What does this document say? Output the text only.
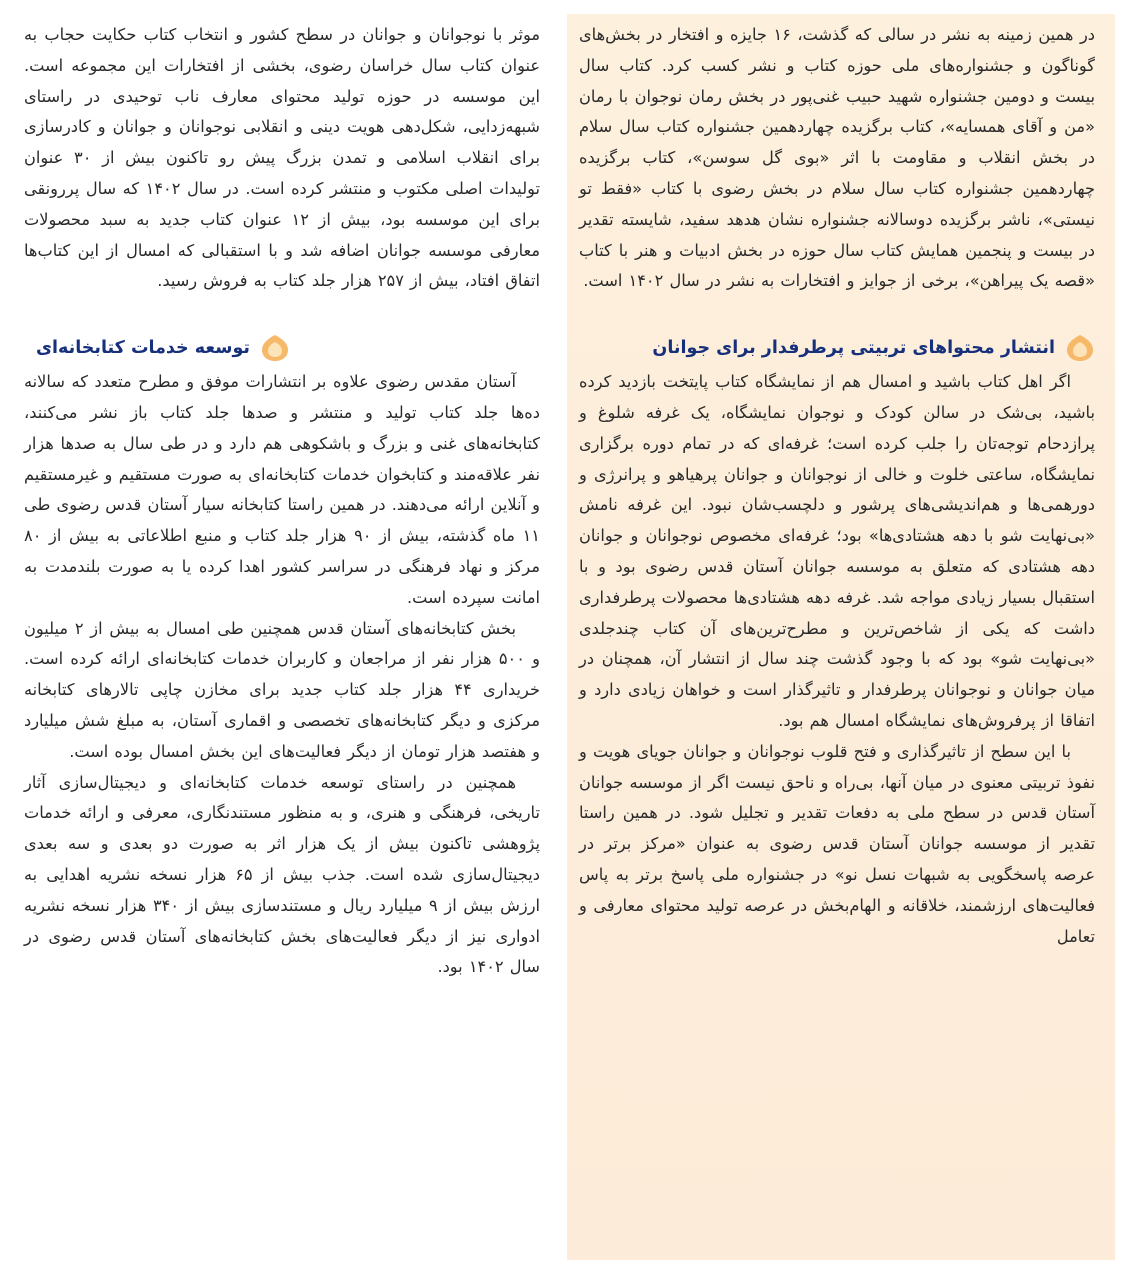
در همین زمینه به نشر در سالی که گذشت، ۱۶ جایزه و افتخار در بخش‌های گوناگون و جشنواره‌های ملی حوزه کتاب و نشر کسب کرد. کتاب سال بیست و دومین جشنواره شهید حبیب غنی‌پور در بخش رمان نوجوان با رمان «من و آقای همسایه»، کتاب برگزیده چهاردهمین جشنواره کتاب سال سلام در بخش انقلاب و مقاومت با اثر «بوی گل سوسن»، کتاب برگزیده چهاردهمین جشنواره کتاب سال سلام در بخش رضوی با کتاب «فقط تو نیستی»، ناشر برگزیده دوسالانه جشنواره نشان هدهد سفید، شایسته تقدیر در بیست و پنجمین همایش کتاب سال حوزه در بخش ادبیات و هنر با کتاب «قصه یک پیراهن»، برخی از جوایز و افتخارات به نشر در سال ۱۴۰۲ است.

انتشار محتواهای تربیتی پرطرفدار برای جوانان

اگر اهل کتاب باشید و امسال هم از نمایشگاه کتاب پایتخت بازدید کرده باشید، بی‌شک در سالن کودک و نوجوان نمایشگاه، یک غرفه شلوغ و پرازدحام توجه‌تان را جلب کرده است؛ غرفه‌ای که در تمام دوره برگزاری نمایشگاه، ساعتی خلوت و خالی از نوجوانان و جوانان پرهیاهو و پرانرژی و دورهمی‌ها و هم‌اندیشی‌های پرشور و دلچسب‌شان نبود. این غرفه نامش «بی‌نهایت شو با دهه هشتادی‌ها» بود؛ غرفه‌ای مخصوص نوجوانان و جوانان دهه هشتادی که متعلق به موسسه جوانان آستان قدس رضوی بود و با استقبال بسیار زیادی مواجه شد. غرفه دهه هشتادی‌ها محصولات پرطرفداری داشت که یکی از شاخص‌ترین و مطرح‌ترین‌های آن کتاب چندجلدی «بی‌نهایت شو» بود که با وجود گذشت چند سال از انتشار آن، همچنان در میان جوانان و نوجوانان پرطرفدار و تاثیرگذار است و خواهان زیادی دارد و اتفاقا از پرفروش‌های نمایشگاه امسال هم بود.

با این سطح از تاثیرگذاری و فتح قلوب نوجوانان و جوانان جویای هویت و نفوذ تربیتی معنوی در میان آنها، بی‌راه و ناحق نیست اگر از موسسه جوانان آستان قدس در سطح ملی به دفعات تقدیر و تجلیل شود. در همین راستا تقدیر از موسسه جوانان آستان قدس رضوی به عنوان «مرکز برتر در عرصه پاسخگویی به شبهات نسل نو» در جشنواره ملی پاسخ برتر به پاس فعالیت‌های ارزشمند، خلاقانه و الهام‌بخش در عرصه تولید محتوای معارفی و تعامل

موثر با نوجوانان و جوانان در سطح کشور و انتخاب کتاب حکایت حجاب به عنوان کتاب سال خراسان رضوی، بخشی از افتخارات این مجموعه است. این موسسه در حوزه تولید محتوای معارف ناب توحیدی در راستای شبهه‌زدایی، شکل‌دهی هویت دینی و انقلابی نوجوانان و جوانان و کادرسازی برای انقلاب اسلامی و تمدن بزرگ پیش رو تاکنون بیش از ۳۰ عنوان تولیدات اصلی مکتوب و منتشر کرده است. در سال ۱۴۰۲ که سال پررونقی برای این موسسه بود، بیش از ۱۲ عنوان کتاب جدید به سبد محصولات معارفی موسسه جوانان اضافه شد و با استقبالی که امسال از این کتاب‌ها اتفاق افتاد، بیش از ۲۵۷ هزار جلد کتاب به فروش رسید.

توسعه خدمات کتابخانه‌ای

آستان مقدس رضوی علاوه بر انتشارات موفق و مطرح متعدد که سالانه ده‌ها جلد کتاب تولید و منتشر و صدها جلد کتاب باز نشر می‌کنند، کتابخانه‌های غنی و بزرگ و باشکوهی هم دارد و در طی سال به صدها هزار نفر علاقه‌مند و کتابخوان خدمات کتابخانه‌ای به صورت مستقیم و غیرمستقیم و آنلاین ارائه می‌دهند. در همین راستا کتابخانه سیار آستان قدس رضوی طی ۱۱ ماه گذشته، بیش از ۹۰ هزار جلد کتاب و منبع اطلاعاتی به بیش از ۸۰ مرکز و نهاد فرهنگی در سراسر کشور اهدا کرده یا به صورت بلندمدت به امانت سپرده است.

بخش کتابخانه‌های آستان قدس همچنین طی امسال به بیش از ۲ میلیون و ۵۰۰ هزار نفر از مراجعان و کاربران خدمات کتابخانه‌ای ارائه کرده است. خریداری ۴۴ هزار جلد کتاب جدید برای مخازن چاپی تالارهای کتابخانه مرکزی و دیگر کتابخانه‌های تخصصی و اقماری آستان، به مبلغ شش میلیارد و هفتصد هزار تومان از دیگر فعالیت‌های این بخش امسال بوده است.

همچنین در راستای توسعه خدمات کتابخانه‌ای و دیجیتال‌سازی آثار تاریخی، فرهنگی و هنری، و به منظور مستندنگاری، معرفی و ارائه خدمات پژوهشی تاکنون بیش از یک هزار اثر به صورت دو بعدی و سه بعدی دیجیتال‌سازی شده است. جذب بیش از ۶۵ هزار نسخه نشریه اهدایی به ارزش بیش از ۹ میلیارد ریال و مستندسازی بیش از ۳۴۰ هزار نسخه نشریه ادواری نیز از دیگر فعالیت‌های بخش کتابخانه‌های آستان قدس رضوی در سال ۱۴۰۲ بود.
